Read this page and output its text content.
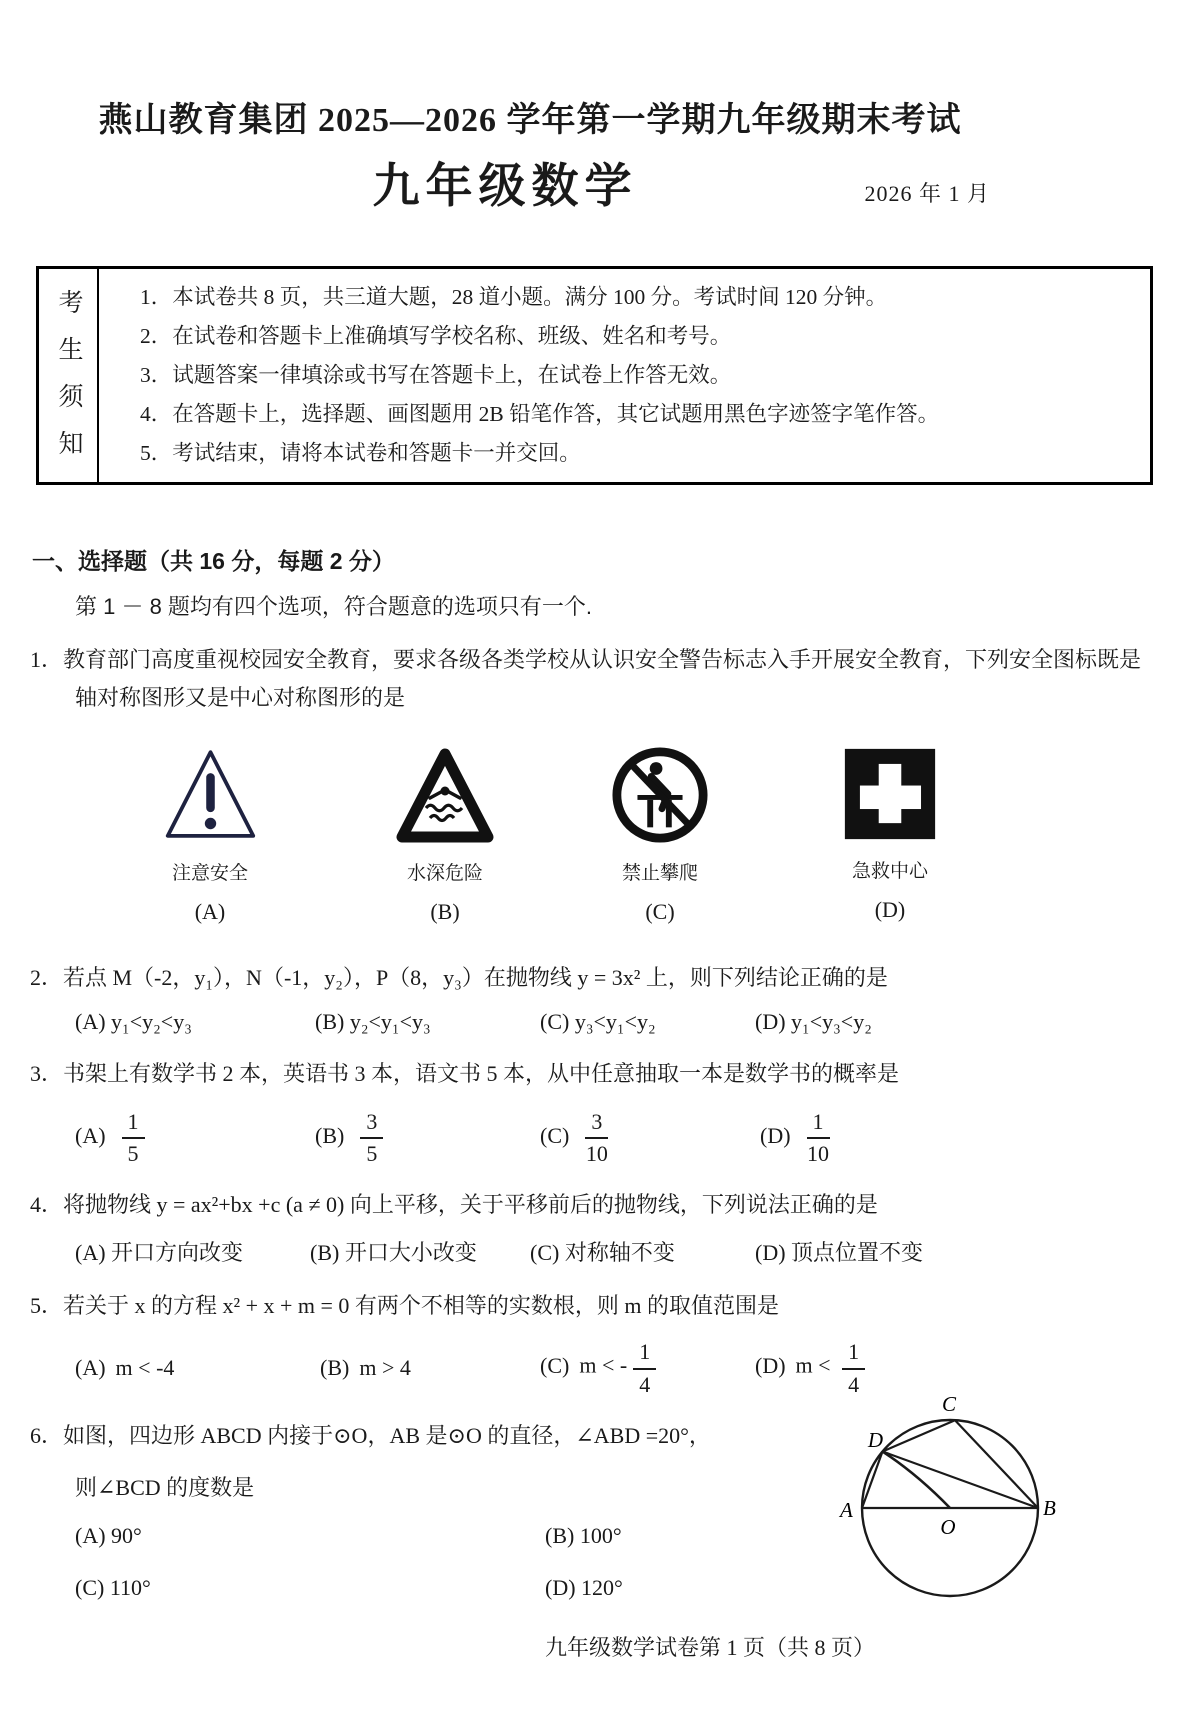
燕山教育集团 2025—2026 学年第一学期九年级期末考试
九年级数学	2026 年 1 月
考生须知	1．本试卷共 8 页，共三道大题，28 道小题。满分 100 分。考试时间 120 分钟。
2．在试卷和答题卡上准确填写学校名称、班级、姓名和考号。
3．试题答案一律填涂或书写在答题卡上，在试卷上作答无效。
4．在答题卡上，选择题、画图题用 2B 铅笔作答，其它试题用黑色字迹签字笔作答。
5．考试结束，请将本试卷和答题卡一并交回。
一、选择题（共 16 分，每题 2 分）
第 1 － 8 题均有四个选项，符合题意的选项只有一个.
1．教育部门高度重视校园安全教育，要求各级各类学校从认识安全警告标志入手开展安全教育，下列安全图标既是轴对称图形又是中心对称图形的是
注意安全
(A)
水深危险
(B)
禁止攀爬
(C)
急救中心
(D)
2．若点 M（-2，y₁），N（-1，y₂），P（8，y₃）在抛物线 y = 3x² 上，则下列结论正确的是
(A) y₁<y₂<y₃	(B) y₂<y₁<y₃	(C) y₃<y₁<y₂	(D) y₁<y₃<y₂
3．书架上有数学书 2 本，英语书 3 本，语文书 5 本，从中任意抽取一本是数学书的概率是
$(A) \frac{1}{5}$	$(B) \frac{3}{5}$	$(C) \frac{3}{10}$	$(D) \frac{1}{10}$
4．将抛物线 y = ax²+bx +c (a ≠ 0) 向上平移，关于平移前后的抛物线，下列说法正确的是
(A) 开口方向改变	(B) 开口大小改变	(C) 对称轴不变	(D) 顶点位置不变
5．若关于 x 的方程 x² + x + m = 0 有两个不相等的实数根，则 m 的取值范围是
(A) m < -4	(B) m > 4	(C) m < - $\frac{1}{4}$	(D) $m < \frac{1}{4}$
6．如图，四边形 ABCD 内接于⊙O，AB 是⊙O 的直径，∠ABD =20°，
则∠BCD 的度数是
(A) 90°	(B) 100°
(C) 110°	(D) 120°
A	B
C
D
O
九年级数学试卷第 1 页（共 8 页）
